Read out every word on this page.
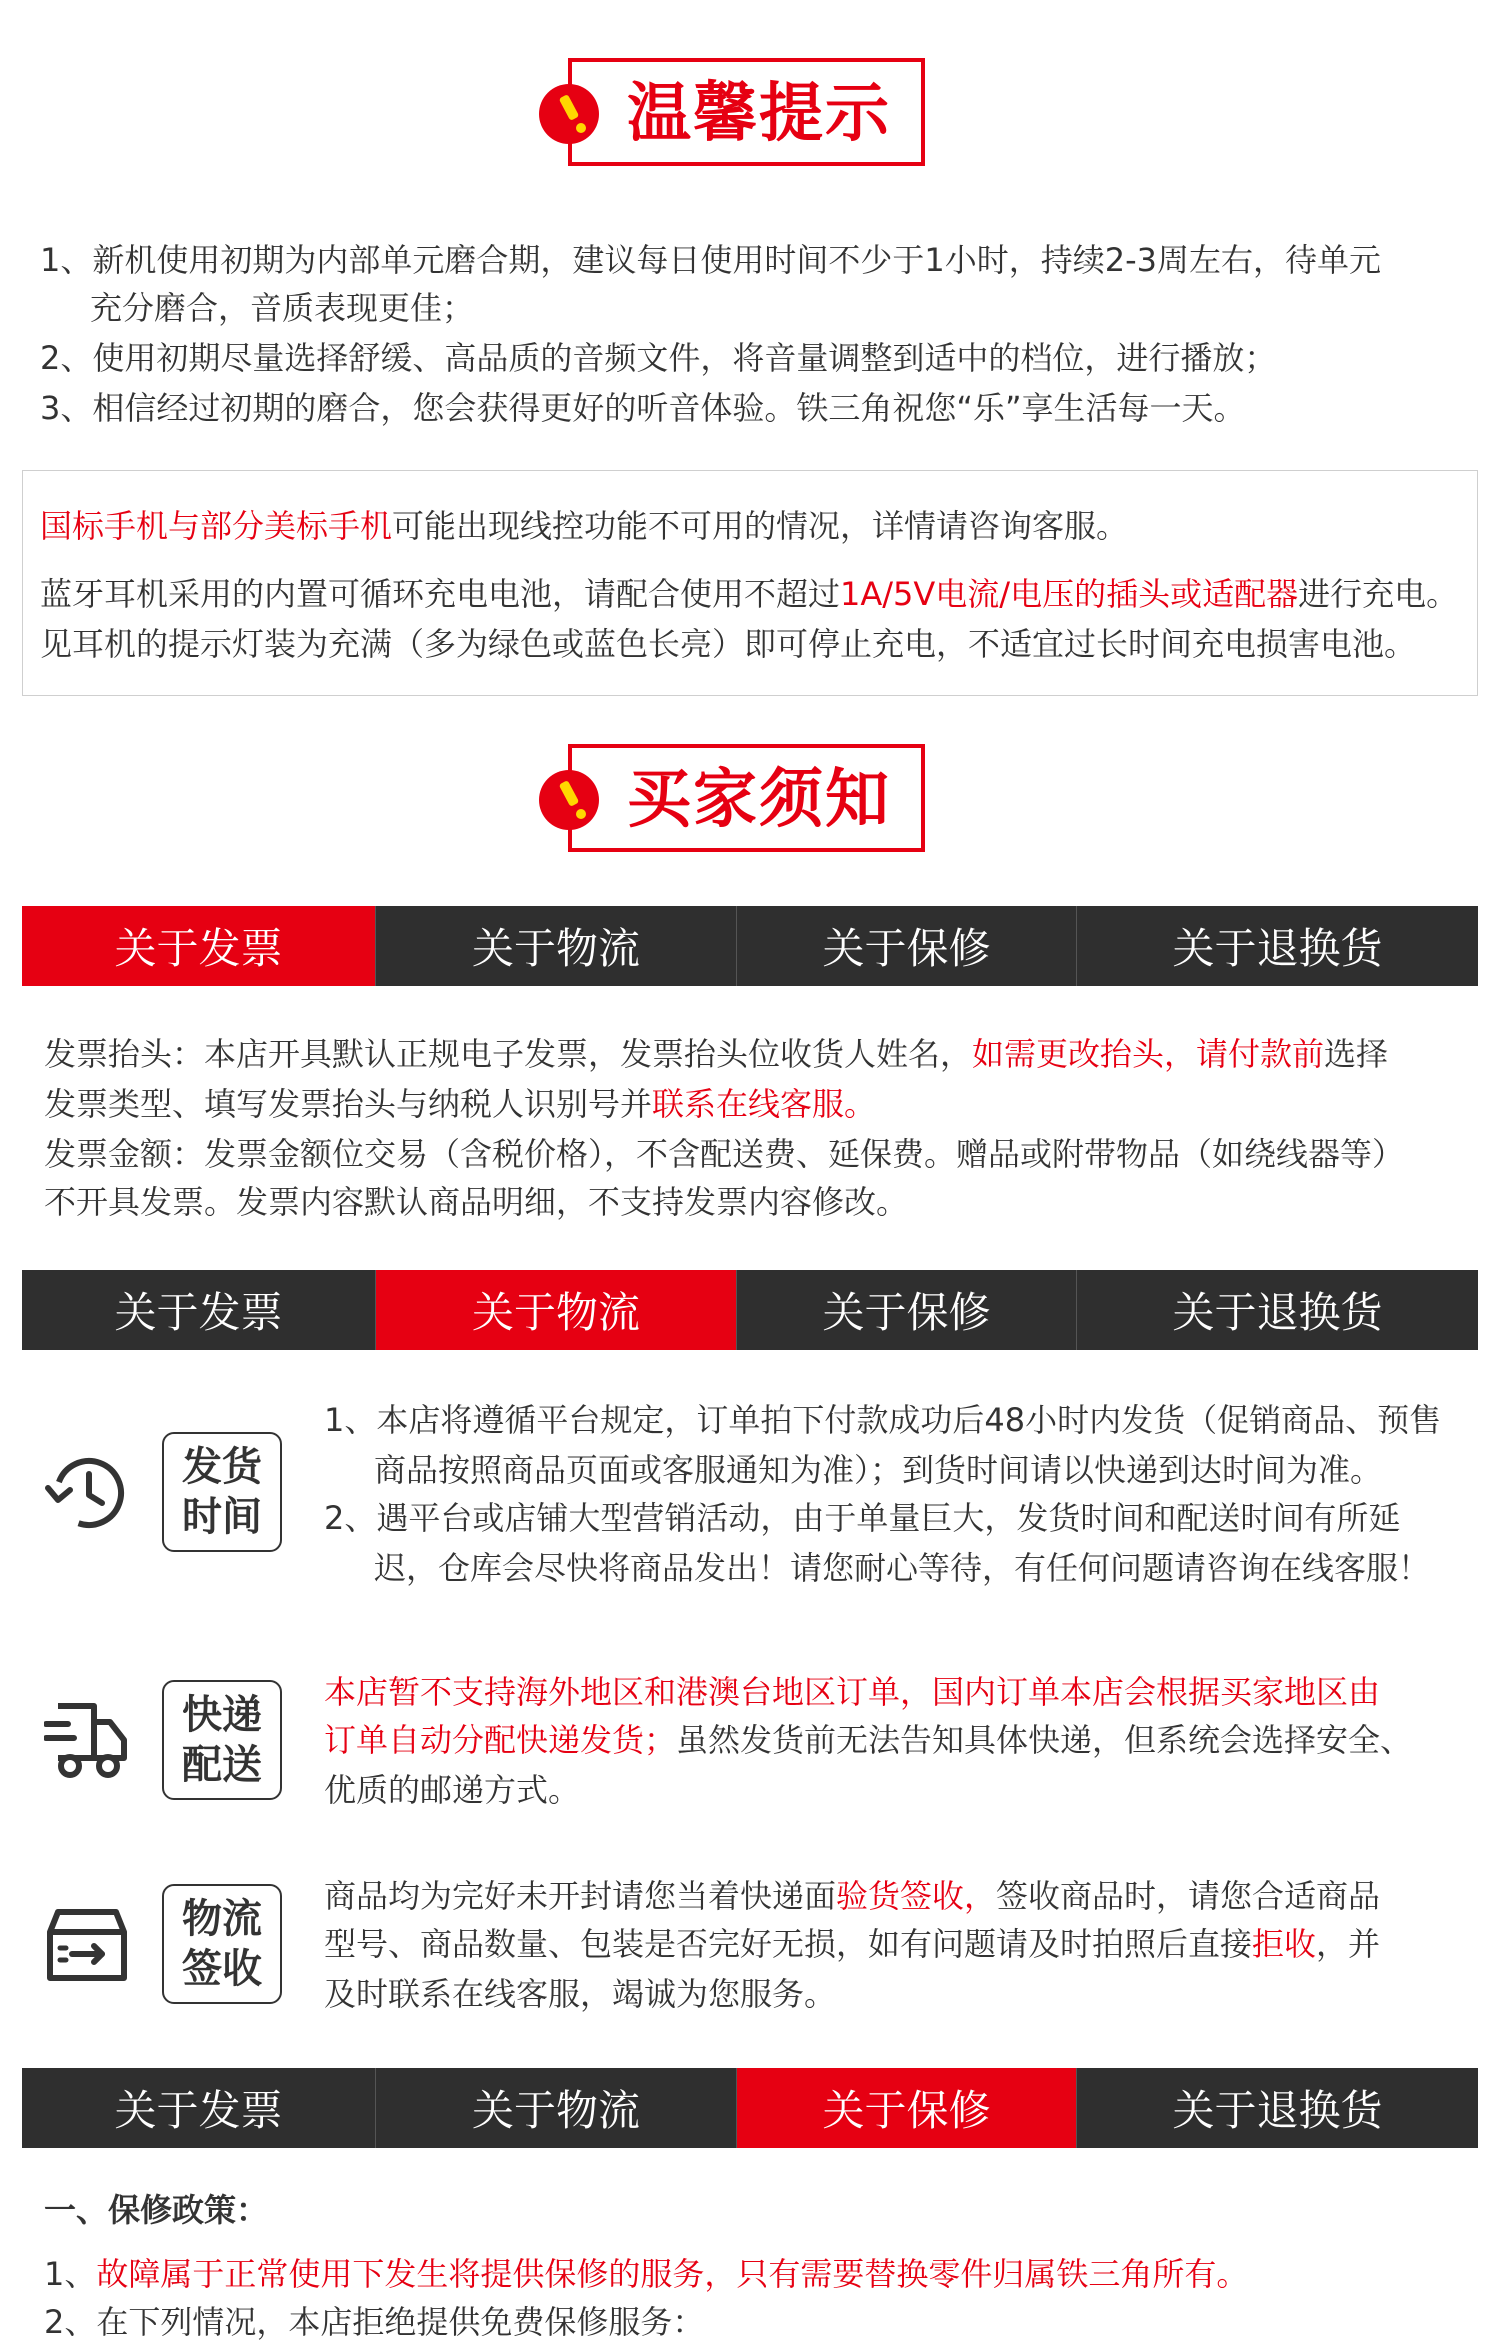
温馨提示
1、新机使用初期为内部单元磨合期，建议每日使用时间不少于1小时，持续2-3周左右，待单元
充分磨合，音质表现更佳；
2、使用初期尽量选择舒缓、高品质的音频文件，将音量调整到适中的档位，进行播放；
3、相信经过初期的磨合，您会获得更好的听音体验。铁三角祝您“乐”享生活每一天。
国标手机与部分美标手机可能出现线控功能不可用的情况，详情请咨询客服。
蓝牙耳机采用的内置可循环充电电池，请配合使用不超过1A/5V电流/电压的插头或适配器进行充电。
见耳机的提示灯装为充满（多为绿色或蓝色长亮）即可停止充电，不适宜过长时间充电损害电池。
买家须知
关于发票	关于物流	关于保修	关于退换货
发票抬头：本店开具默认正规电子发票，发票抬头位收货人姓名，如需更改抬头，请付款前选择
发票类型、填写发票抬头与纳税人识别号并联系在线客服。
发票金额：发票金额位交易（含税价格），不含配送费、延保费。赠品或附带物品（如绕线器等）
不开具发票。发票内容默认商品明细，不支持发票内容修改。
关于发票	关于物流	关于保修	关于退换货
发货
时间
1、本店将遵循平台规定，订单拍下付款成功后48小时内发货（促销商品、预售
商品按照商品页面或客服通知为准）；到货时间请以快递到达时间为准。
2、遇平台或店铺大型营销活动，由于单量巨大，发货时间和配送时间有所延
迟，仓库会尽快将商品发出！请您耐心等待，有任何问题请咨询在线客服！
快递
配送
本店暂不支持海外地区和港澳台地区订单，国内订单本店会根据买家地区由
订单自动分配快递发货；虽然发货前无法告知具体快递，但系统会选择安全、
优质的邮递方式。
物流
签收
商品均为完好未开封请您当着快递面验货签收，签收商品时，请您合适商品
型号、商品数量、包装是否完好无损，如有问题请及时拍照后直接拒收，并
及时联系在线客服，竭诚为您服务。
关于发票	关于物流	关于保修	关于退换货
一、保修政策：
1、故障属于正常使用下发生将提供保修的服务，只有需要替换零件归属铁三角所有。
2、在下列情况，本店拒绝提供免费保修服务：
